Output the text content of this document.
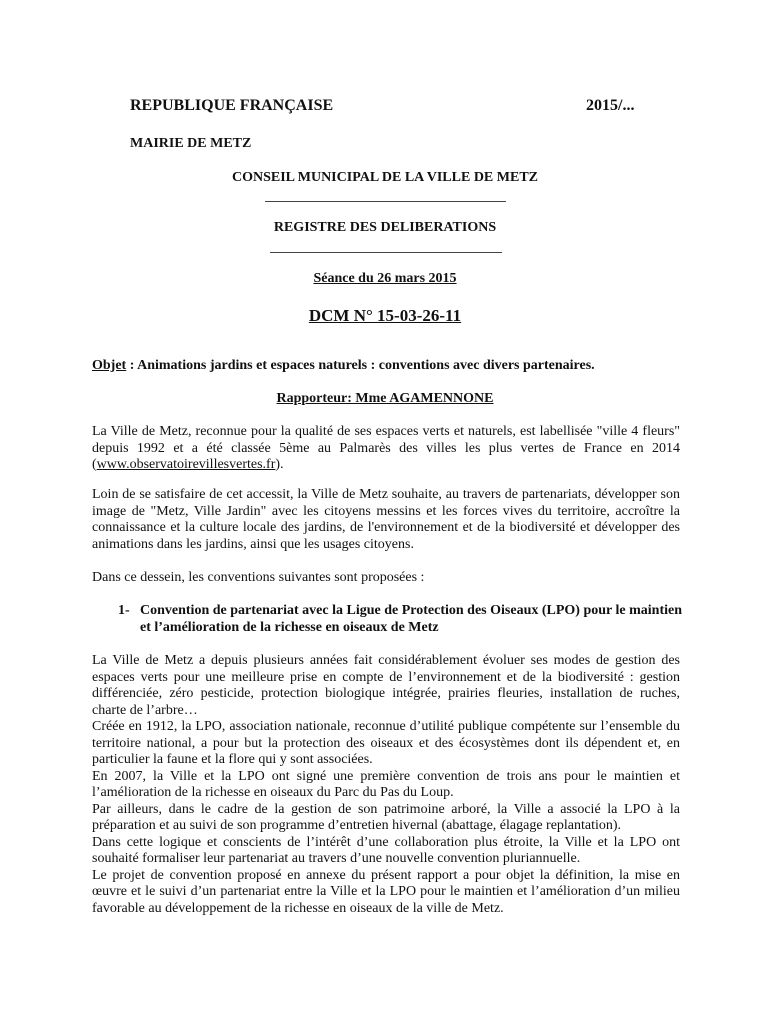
REPUBLIQUE FRANÇAISE	2015/...
MAIRIE DE METZ
CONSEIL MUNICIPAL DE LA VILLE DE METZ
REGISTRE DES DELIBERATIONS
Séance du 26 mars 2015
DCM N° 15-03-26-11
Objet : Animations jardins et espaces naturels : conventions avec divers partenaires.
Rapporteur: Mme AGAMENNONE

La Ville de Metz, reconnue pour la qualité de ses espaces verts et naturels, est labellisée "ville 4 fleurs" depuis 1992 et a été classée 5ème au Palmarès des villes les plus vertes de France en 2014 (www.observatoirevillesvertes.fr).

Loin de se satisfaire de cet accessit, la Ville de Metz souhaite, au travers de partenariats, développer son image de "Metz, Ville Jardin" avec les citoyens messins et les forces vives du territoire, accroître la connaissance et la culture locale des jardins, de l'environnement et de la biodiversité et développer des animations dans les jardins, ainsi que les usages citoyens.

Dans ce dessein, les conventions suivantes sont proposées :

1- Convention de partenariat avec la Ligue de Protection des Oiseaux (LPO) pour le maintien et l’amélioration de la richesse en oiseaux de Metz

La Ville de Metz a depuis plusieurs années fait considérablement évoluer ses modes de gestion des espaces verts pour une meilleure prise en compte de l’environnement et de la biodiversité : gestion différenciée, zéro pesticide, protection biologique intégrée, prairies fleuries, installation de ruches, charte de l’arbre…

Créée en 1912, la LPO, association nationale, reconnue d’utilité publique compétente sur l’ensemble du territoire national, a pour but la protection des oiseaux et des écosystèmes dont ils dépendent et, en particulier la faune et la flore qui y sont associées.

En 2007, la Ville et la LPO ont signé une première convention de trois ans pour le maintien et l’amélioration de la richesse en oiseaux du Parc du Pas du Loup.

Par ailleurs, dans le cadre de la gestion de son patrimoine arboré, la Ville a associé la LPO à la préparation et au suivi de son programme d’entretien hivernal (abattage, élagage replantation).

Dans cette logique et conscients de l’intérêt d’une collaboration plus étroite, la Ville et la LPO ont souhaité formaliser leur partenariat au travers d’une nouvelle convention pluriannuelle.

Le projet de convention proposé en annexe du présent rapport a pour objet la définition, la mise en œuvre et le suivi d’un partenariat entre la Ville et la LPO pour le maintien et l’amélioration d’un milieu favorable au développement de la richesse en oiseaux de la ville de Metz.
